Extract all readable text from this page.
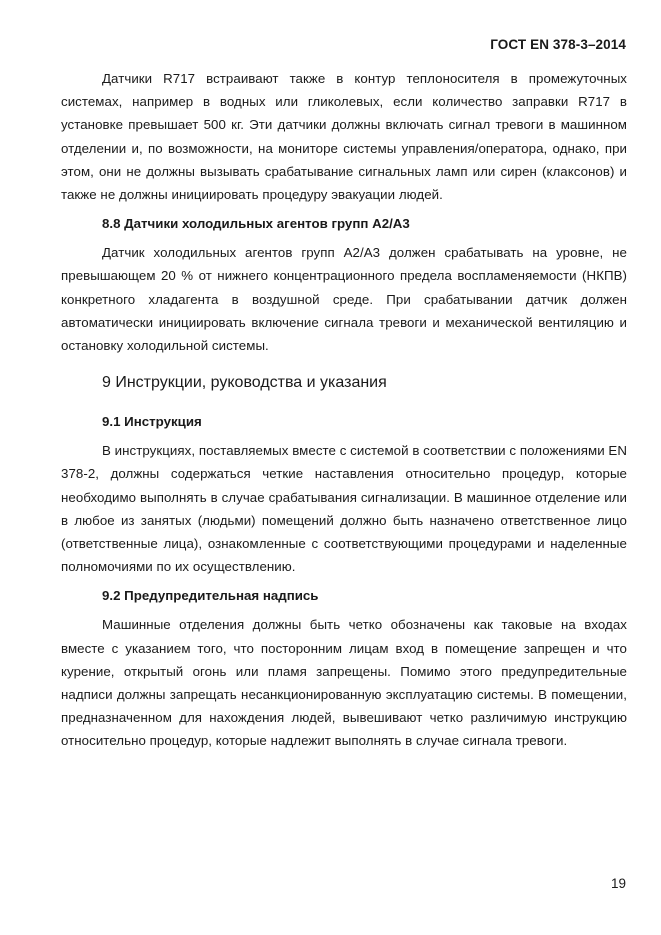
ГОСТ EN 378-3–2014

Датчики R717 встраивают также в контур теплоносителя в промежуточных системах, например в водных или гликолевых, если количество заправки R717 в установке превышает 500 кг. Эти датчики должны включать сигнал тревоги в машинном отделении и, по возможности, на мониторе системы управления/оператора, однако, при этом, они не должны вызывать срабатывание сигнальных ламп или сирен (клаксонов) и также не должны инициировать процедуру эвакуации людей.

8.8 Датчики холодильных агентов групп А2/А3

Датчик холодильных агентов групп А2/А3 должен срабатывать на уровне, не превышающем 20 % от нижнего концентрационного предела воспламеняемости (НКПВ) конкретного хладагента в воздушной среде. При срабатывании датчик должен автоматически инициировать включение сигнала тревоги и механической вентиляцию и остановку холодильной системы.

9 Инструкции, руководства и указания

9.1 Инструкция

В инструкциях, поставляемых вместе с системой в соответствии с положениями EN 378-2, должны содержаться четкие наставления относительно процедур, которые необходимо выполнять в случае срабатывания сигнализации. В машинное отделение или в любое из занятых (людьми) помещений должно быть назначено ответственное лицо (ответственные лица), ознакомленные с соответствующими процедурами и наделенные полномочиями по их осуществлению.

9.2 Предупредительная надпись

Машинные отделения должны быть четко обозначены как таковые на входах вместе с указанием того, что посторонним лицам вход в помещение запрещен и что курение, открытый огонь или пламя запрещены. Помимо этого предупредительные надписи должны запрещать несанкционированную эксплуатацию системы. В помещении, предназначенном для нахождения людей, вывешивают четко различимую инструкцию относительно процедур, которые надлежит выполнять в случае сигнала тревоги.

19
